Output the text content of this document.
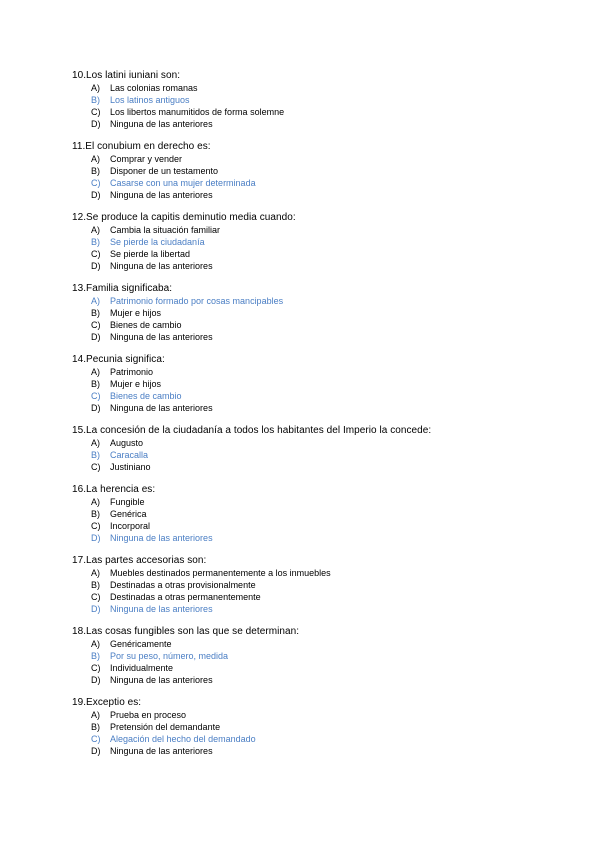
10.Los latini iuniani son:
A) Las colonias romanas
B) Los latinos antiguos
C) Los libertos manumitidos de forma solemne
D) Ninguna de las anteriores
11.El conubium en derecho es:
A) Comprar y vender
B) Disponer de un testamento
C) Casarse con una mujer determinada
D) Ninguna de las anteriores
12.Se produce la capitis deminutio media cuando:
A) Cambia la situación familiar
B) Se pierde la ciudadanía
C) Se pierde la libertad
D) Ninguna de las anteriores
13.Familia significaba:
A) Patrimonio formado por cosas mancipables
B) Mujer e hijos
C) Bienes de cambio
D) Ninguna de las anteriores
14.Pecunia significa:
A) Patrimonio
B) Mujer e hijos
C) Bienes de cambio
D) Ninguna de las anteriores
15.La concesión de la ciudadanía a todos los habitantes del Imperio la concede:
A) Augusto
B) Caracalla
C) Justiniano
16.La herencia es:
A) Fungible
B) Genérica
C) Incorporal
D) Ninguna de las anteriores
17.Las partes accesorias son:
A) Muebles destinados permanentemente a los inmuebles
B) Destinadas a otras provisionalmente
C) Destinadas a otras permanentemente
D) Ninguna de las anteriores
18.Las cosas fungibles son las que se determinan:
A) Genéricamente
B) Por su peso, número, medida
C) Individualmente
D) Ninguna de las anteriores
19.Exceptio es:
A) Prueba en proceso
B) Pretensión del demandante
C) Alegación del hecho del demandado
D) Ninguna de las anteriores
